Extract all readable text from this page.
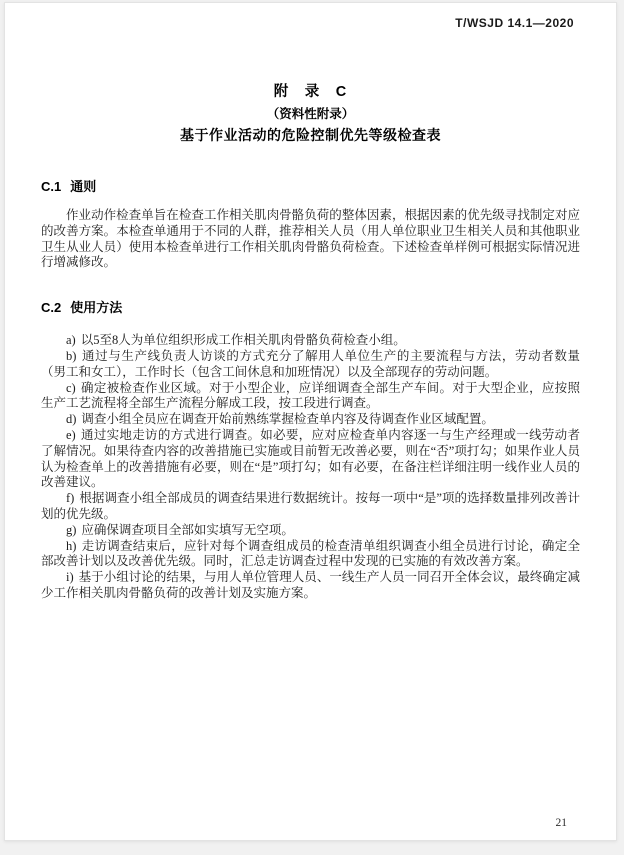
T/WSJD 14.1—2020
附　录　C
（资料性附录）
基于作业活动的危险控制优先等级检查表
C.1 通则

作业动作检查单旨在检查工作相关肌肉骨骼负荷的整体因素，根据因素的优先级寻找制定对应的改善方案。本检查单通用于不同的人群，推荐相关人员（用人单位职业卫生相关人员和其他职业卫生从业人员）使用本检查单进行工作相关肌肉骨骼负荷检查。下述检查单样例可根据实际情况进行增减修改。

C.2 使用方法

a) 以5至8人为单位组织形成工作相关肌肉骨骼负荷检查小组。

b) 通过与生产线负责人访谈的方式充分了解用人单位生产的主要流程与方法，劳动者数量（男工和女工），工作时长（包含工间休息和加班情况）以及全部现存的劳动问题。

c) 确定被检查作业区域。对于小型企业，应详细调查全部生产车间。对于大型企业，应按照生产工艺流程将全部生产流程分解成工段，按工段进行调查。

d) 调查小组全员应在调查开始前熟练掌握检查单内容及待调查作业区域配置。

e) 通过实地走访的方式进行调查。如必要，应对应检查单内容逐一与生产经理或一线劳动者了解情况。如果待查内容的改善措施已实施或目前暂无改善必要，则在“否”项打勾；如果作业人员认为检查单上的改善措施有必要，则在“是”项打勾；如有必要，在备注栏详细注明一线作业人员的改善建议。

f) 根据调查小组全部成员的调查结果进行数据统计。按每一项中“是”项的选择数量排列改善计划的优先级。

g) 应确保调查项目全部如实填写无空项。

h) 走访调查结束后，应针对每个调查组成员的检查清单组织调查小组全员进行讨论，确定全部改善计划以及改善优先级。同时，汇总走访调查过程中发现的已实施的有效改善方案。

i) 基于小组讨论的结果，与用人单位管理人员、一线生产人员一同召开全体会议，最终确定减少工作相关肌肉骨骼负荷的改善计划及实施方案。

21
